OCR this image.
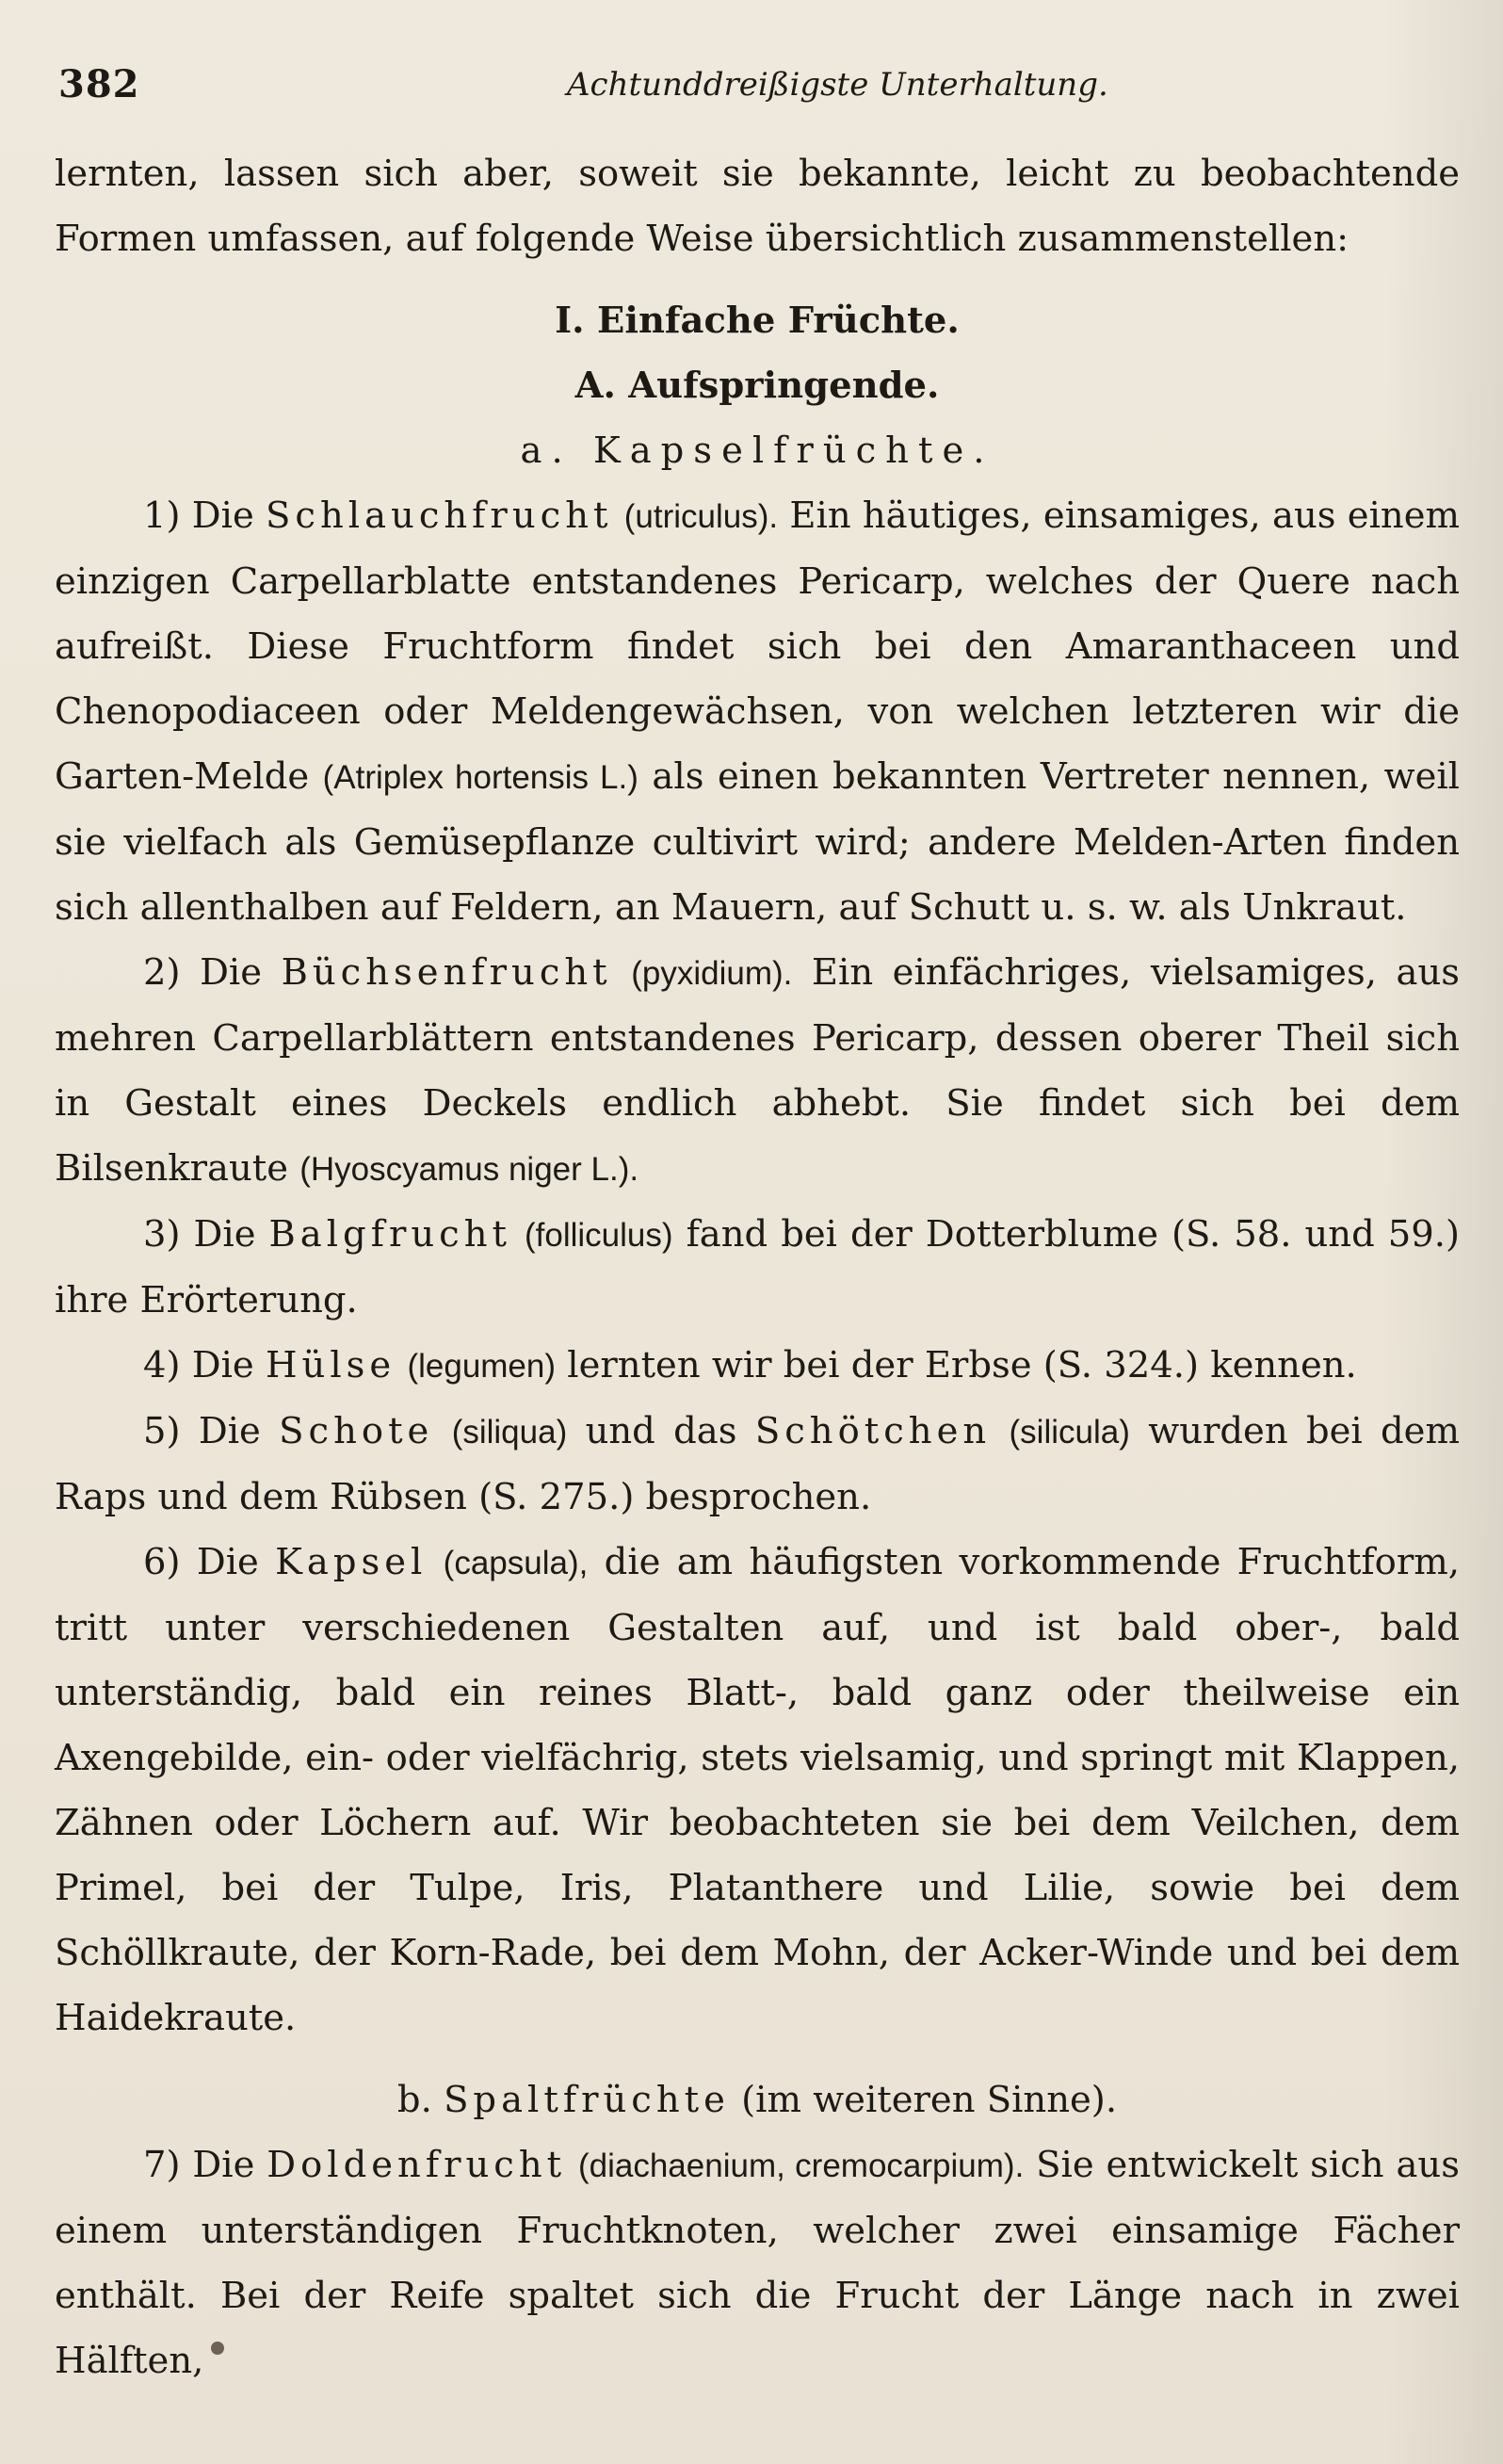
382	Achtunddreißigste Unterhaltung.

lernten, lassen sich aber, soweit sie bekannte, leicht zu beobachtende Formen umfassen, auf folgende Weise übersichtlich zusammenstellen:

I. Einfache Früchte.

A. Aufspringende.

a. Kapselfrüchte.

1) Die Schlauchfrucht (utriculus). Ein häutiges, einsamiges, aus einem einzigen Carpellarblatte entstandenes Pericarp, welches der Quere nach aufreißt. Diese Fruchtform findet sich bei den Amaranthaceen und Chenopodiaceen oder Meldengewächsen, von welchen letzteren wir die Garten-Melde (Atriplex hortensis L.) als einen bekannten Vertreter nennen, weil sie vielfach als Gemüsepflanze cultivirt wird; andere Melden-Arten finden sich allenthalben auf Feldern, an Mauern, auf Schutt u. s. w. als Unkraut.

2) Die Büchsenfrucht (pyxidium). Ein einfächriges, vielsamiges, aus mehren Carpellarblättern entstandenes Pericarp, dessen oberer Theil sich in Gestalt eines Deckels endlich abhebt. Sie findet sich bei dem Bilsenkraute (Hyoscyamus niger L.).

3) Die Balgfrucht (folliculus) fand bei der Dotterblume (S. 58. und 59.) ihre Erörterung.

4) Die Hülse (legumen) lernten wir bei der Erbse (S. 324.) kennen.

5) Die Schote (siliqua) und das Schötchen (silicula) wurden bei dem Raps und dem Rübsen (S. 275.) besprochen.

6) Die Kapsel (capsula), die am häufigsten vorkommende Fruchtform, tritt unter verschiedenen Gestalten auf, und ist bald ober-, bald unterständig, bald ein reines Blatt-, bald ganz oder theilweise ein Axengebilde, ein- oder vielfächrig, stets vielsamig, und springt mit Klappen, Zähnen oder Löchern auf. Wir beobachteten sie bei dem Veilchen, dem Primel, bei der Tulpe, Iris, Platanthere und Lilie, sowie bei dem Schöllkraute, der Korn-Rade, bei dem Mohn, der Acker-Winde und bei dem Haidekraute.

b. Spaltfrüchte (im weiteren Sinne).

7) Die Doldenfrucht (diachaenium, cremocarpium). Sie entwickelt sich aus einem unterständigen Fruchtknoten, welcher zwei einsamige Fächer enthält. Bei der Reife spaltet sich die Frucht der Länge nach in zwei Hälften,
